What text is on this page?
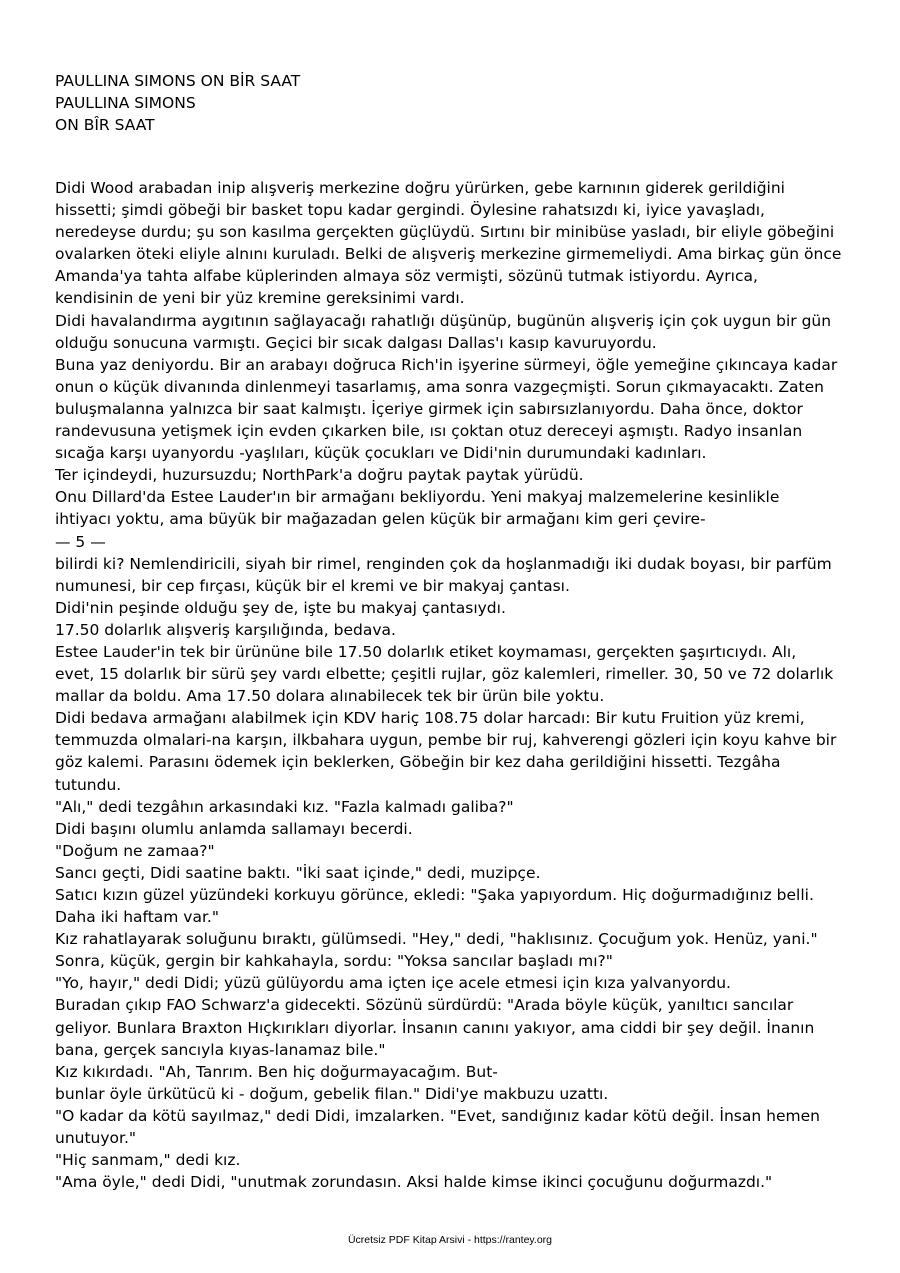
PAULLINA SIMONS ON BİR SAAT
PAULLINA SIMONS
ON BÎR SAAT

Didi Wood arabadan inip alışveriş merkezine doğru yürürken, gebe karnının giderek gerildiğini

hissetti; şimdi göbeği bir basket topu kadar gergindi. Öylesine rahatsızdı ki, iyice yavaşladı,

neredeyse durdu; şu son kasılma gerçekten güçlüydü. Sırtını bir minibüse yasladı, bir eliyle göbeğini

ovalarken öteki eliyle alnını kuruladı. Belki de alışveriş merkezine girmemeliydi. Ama birkaç gün önce

Amanda'ya tahta alfabe küplerinden almaya söz vermişti, sözünü tutmak istiyordu. Ayrıca,

kendisinin de yeni bir yüz kremine gereksinimi vardı.

Didi havalandırma aygıtının sağlayacağı rahatlığı düşünüp, bugünün alışveriş için çok uygun bir gün

olduğu sonucuna varmıştı. Geçici bir sıcak dalgası Dallas'ı kasıp kavuruyordu.

Buna yaz deniyordu. Bir an arabayı doğruca Rich'in işyerine sürmeyi, öğle yemeğine çıkıncaya kadar

onun o küçük divanında dinlenmeyi tasarlamış, ama sonra vazgeçmişti. Sorun çıkmayacaktı. Zaten

buluşmalanna yalnızca bir saat kalmıştı. İçeriye girmek için sabırsızlanıyordu. Daha önce, doktor

randevusuna yetişmek için evden çıkarken bile, ısı çoktan otuz dereceyi aşmıştı. Radyo insanlan

sıcağa karşı uyanyordu -yaşlıları, küçük çocukları ve Didi'nin durumundaki kadınları.

Ter içindeydi, huzursuzdu; NorthPark'a doğru paytak paytak yürüdü.

Onu Dillard'da Estee Lauder'ın bir armağanı bekliyordu. Yeni makyaj malzemelerine kesinlikle

ihtiyacı yoktu, ama büyük bir mağazadan gelen küçük bir armağanı kim geri çevire-

— 5 —

bilirdi ki? Nemlendiricili, siyah bir rimel, renginden çok da hoşlanmadığı iki dudak boyası, bir parfüm

numunesi, bir cep fırçası, küçük bir el kremi ve bir makyaj çantası.

Didi'nin peşinde olduğu şey de, işte bu makyaj çantasıydı.

17.50 dolarlık alışveriş karşılığında, bedava.

Estee Lauder'in tek bir ürününe bile 17.50 dolarlık etiket koymaması, gerçekten şaşırtıcıydı. Alı,

evet, 15 dolarlık bir sürü şey vardı elbette; çeşitli rujlar, göz kalemleri, rimeller. 30, 50 ve 72 dolarlık

mallar da boldu. Ama 17.50 dolara alınabilecek tek bir ürün bile yoktu.

Didi bedava armağanı alabilmek için KDV hariç 108.75 dolar harcadı: Bir kutu Fruition yüz kremi,

temmuzda olmalari-na karşın, ilkbahara uygun, pembe bir ruj, kahverengi gözleri için koyu kahve bir

göz kalemi. Parasını ödemek için beklerken, Göbeğin bir kez daha gerildiğini hissetti. Tezgâha

tutundu.

"Alı," dedi tezgâhın arkasındaki kız. "Fazla kalmadı galiba?"

Didi başını olumlu anlamda sallamayı becerdi.

"Doğum ne zamaa?"

Sancı geçti, Didi saatine baktı. "İki saat içinde," dedi, muzipçe.

Satıcı kızın güzel yüzündeki korkuyu görünce, ekledi: "Şaka yapıyordum. Hiç doğurmadığınız belli.

Daha iki haftam var."

Kız rahatlayarak soluğunu bıraktı, gülümsedi. "Hey," dedi, "haklısınız. Çocuğum yok. Henüz, yani."

Sonra, küçük, gergin bir kahkahayla, sordu: "Yoksa sancılar başladı mı?"

"Yo, hayır," dedi Didi; yüzü gülüyordu ama içten içe acele etmesi için kıza yalvanyordu.

Buradan çıkıp FAO Schwarz'a gidecekti. Sözünü sürdürdü: "Arada böyle küçük, yanıltıcı sancılar

geliyor. Bunlara Braxton Hıçkırıkları diyorlar. İnsanın canını yakıyor, ama ciddi bir şey değil. İnanın

bana, gerçek sancıyla kıyas-lanamaz bile."

Kız kıkırdadı. "Ah, Tanrım. Ben hiç doğurmayacağım. But-

bunlar öyle ürkütücü ki - doğum, gebelik filan." Didi'ye makbuzu uzattı.

"O kadar da kötü sayılmaz," dedi Didi, imzalarken. "Evet, sandığınız kadar kötü değil. İnsan hemen

unutuyor."

"Hiç sanmam," dedi kız.

"Ama öyle," dedi Didi, "unutmak zorundasın. Aksi halde kimse ikinci çocuğunu doğurmazdı."

Ücretsiz PDF Kitap Arsivi - https://rantey.org
